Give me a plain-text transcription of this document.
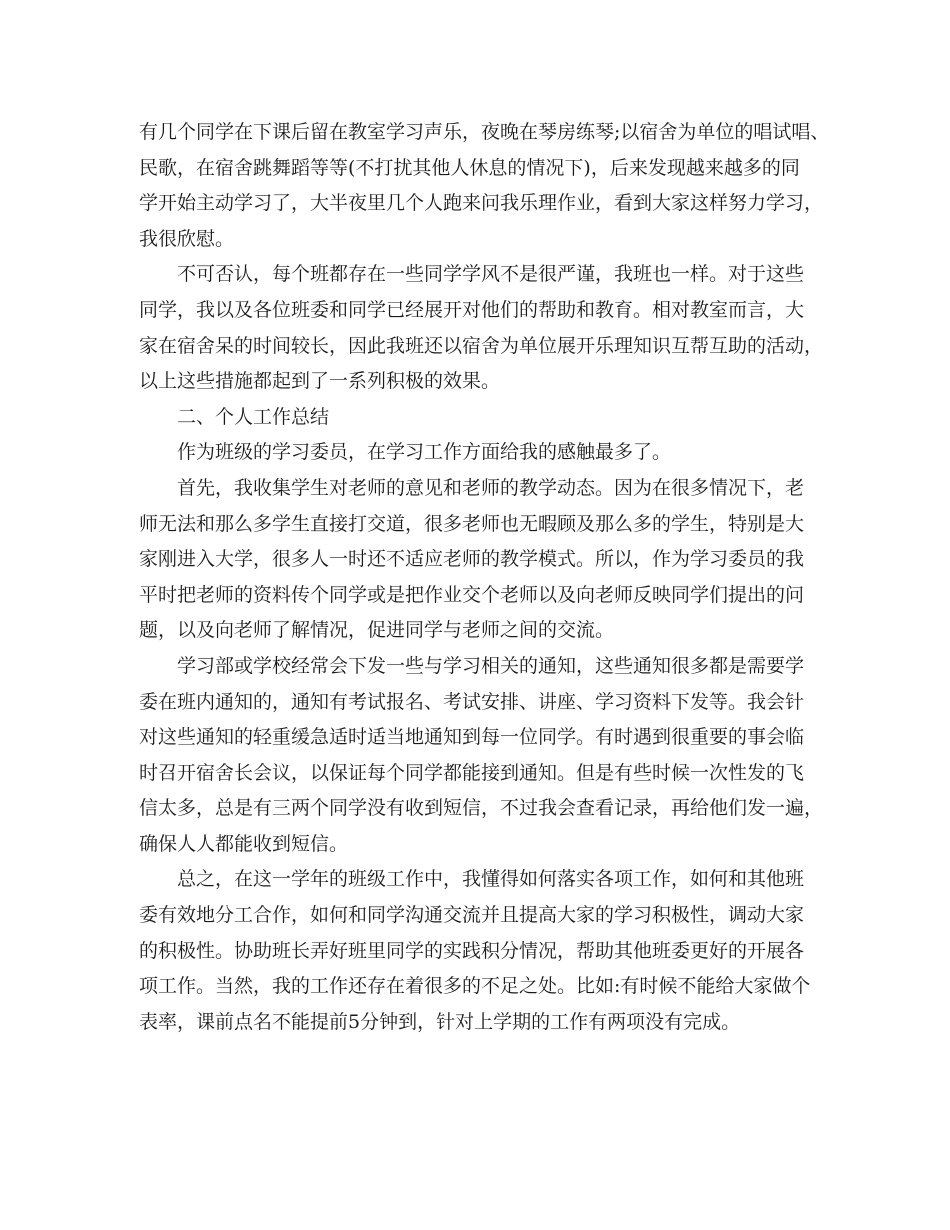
有几个同学在下课后留在教室学习声乐，夜晚在琴房练琴;以宿舍为单位的唱试唱、
民歌，在宿舍跳舞蹈等等(不打扰其他人休息的情况下)，后来发现越来越多的同
学开始主动学习了，大半夜里几个人跑来问我乐理作业，看到大家这样努力学习，
我很欣慰。
不可否认，每个班都存在一些同学学风不是很严谨，我班也一样。对于这些
同学，我以及各位班委和同学已经展开对他们的帮助和教育。相对教室而言，大
家在宿舍呆的时间较长，因此我班还以宿舍为单位展开乐理知识互帮互助的活动，
以上这些措施都起到了一系列积极的效果。
二、个人工作总结
作为班级的学习委员，在学习工作方面给我的感触最多了。
首先，我收集学生对老师的意见和老师的教学动态。因为在很多情况下，老
师无法和那么多学生直接打交道，很多老师也无暇顾及那么多的学生，特别是大
家刚进入大学，很多人一时还不适应老师的教学模式。所以，作为学习委员的我
平时把老师的资料传个同学或是把作业交个老师以及向老师反映同学们提出的问
题，以及向老师了解情况，促进同学与老师之间的交流。
学习部或学校经常会下发一些与学习相关的通知，这些通知很多都是需要学
委在班内通知的，通知有考试报名、考试安排、讲座、学习资料下发等。我会针
对这些通知的轻重缓急适时适当地通知到每一位同学。有时遇到很重要的事会临
时召开宿舍长会议，以保证每个同学都能接到通知。但是有些时候一次性发的飞
信太多，总是有三两个同学没有收到短信，不过我会查看记录，再给他们发一遍，
确保人人都能收到短信。
总之，在这一学年的班级工作中，我懂得如何落实各项工作，如何和其他班
委有效地分工合作，如何和同学沟通交流并且提高大家的学习积极性，调动大家
的积极性。协助班长弄好班里同学的实践积分情况，帮助其他班委更好的开展各
项工作。当然，我的工作还存在着很多的不足之处。比如:有时候不能给大家做个
表率，课前点名不能提前5分钟到，针对上学期的工作有两项没有完成。
